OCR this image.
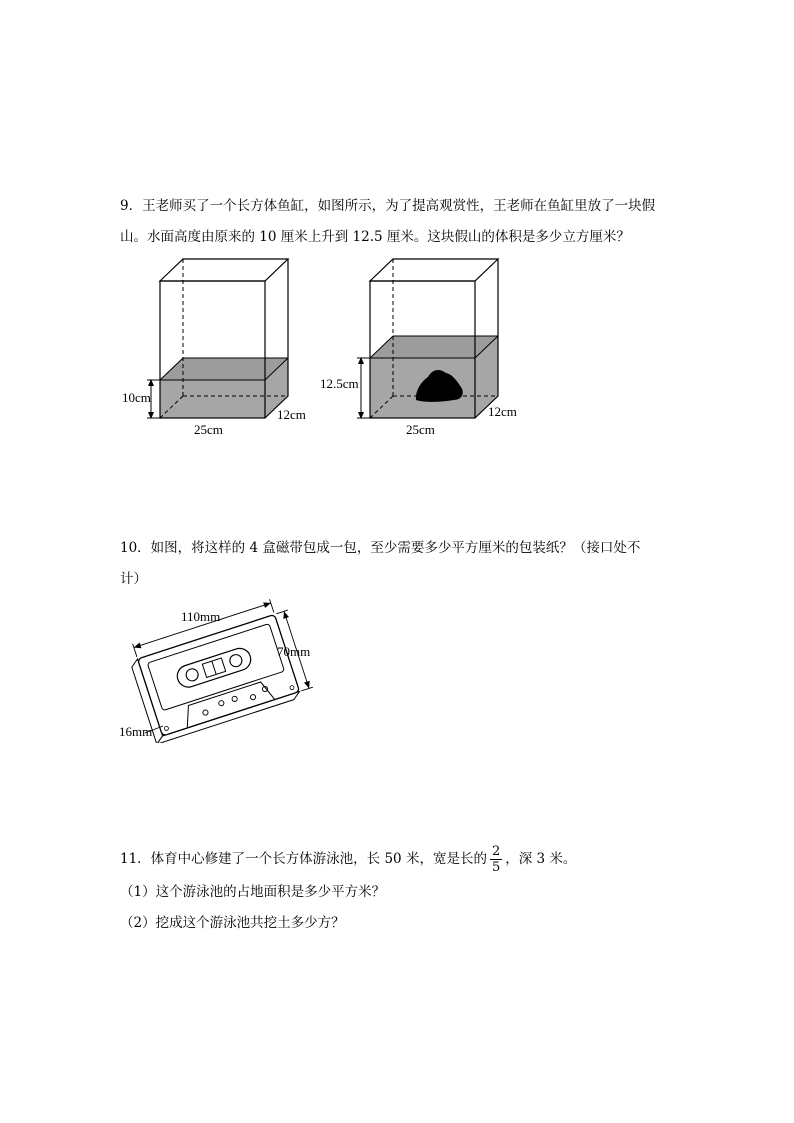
9．王老师买了一个长方体鱼缸，如图所示，为了提高观赏性，王老师在鱼缸里放了一块假
山。水面高度由原来的 10 厘米上升到 12.5 厘米。这块假山的体积是多少立方厘米？
10cm
25cm
12cm
12.5cm
25cm
12cm
10．如图，将这样的 4 盒磁带包成一包，至少需要多少平方厘米的包装纸？（接口处不
计）
110mm
70mm
16mm
11．体育中心修建了一个长方体游泳池，长 50 米，宽是长的 $\frac{2}{5}$ ，深 3 米。
（1）这个游泳池的占地面积是多少平方米？
（2）挖成这个游泳池共挖土多少方？
